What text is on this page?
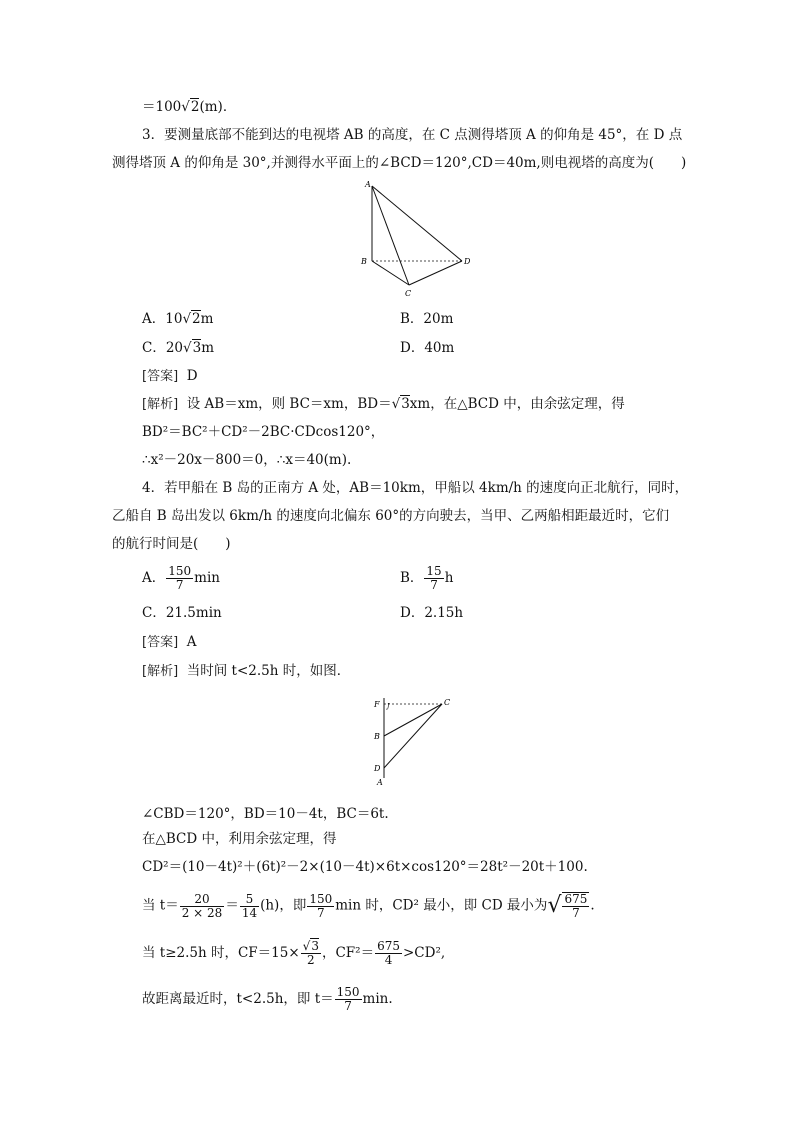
＝100√2(m)．
3．要测量底部不能到达的电视塔 AB 的高度，在 C 点测得塔顶 A 的仰角是 45°，在 D 点
测得塔顶 A 的仰角是 30°,并测得水平面上的∠BCD＝120°,CD＝40m,则电视塔的高度为(　　)
A
B
C
D
A．10√2m	B．20m
C．20√3m	D．40m
[答案] D
[解析] 设 AB＝xm，则 BC＝xm，BD＝√3xm，在△BCD 中，由余弦定理，得
BD²＝BC²＋CD²－2BC·CDcos120°，
∴x²－20x－800＝0，∴x＝40(m).
4．若甲船在 B 岛的正南方 A 处，AB＝10km，甲船以 4km/h 的速度向正北航行，同时，
乙船自 B 岛出发以 6km/h 的速度向北偏东 60°的方向驶去，当甲、乙两船相距最近时，它们
的航行时间是(　　)
A． $\frac{150}{7}$ min	B． $\frac{15}{7}$ h
C．21.5min	D．2.15h
[答案] A
[解析] 当时间 t<2.5h 时，如图．
F	J	C
B
D
A
∠CBD＝120°，BD＝10－4t，BC＝6t.
在△BCD 中，利用余弦定理，得
CD²＝(10－4t)²＋(6t)²－2×(10－4t)×6t×cos120°＝28t²－20t＋100.
当 $t= \frac{20}{2 \times 28} = \frac{5}{14} (h)$，即 $\frac{150}{7}$ min 时，CD² 最小，即 CD 最小为√ $\frac{675}{7}$ .
当 t≥2.5h 时，$CF=15\times \frac{√3}{2}$ ，$CF^2= \frac{675}{4} >CD^2$,
故距离最近时，t<2.5h，即 $t= \frac{150}{7} \min$.
